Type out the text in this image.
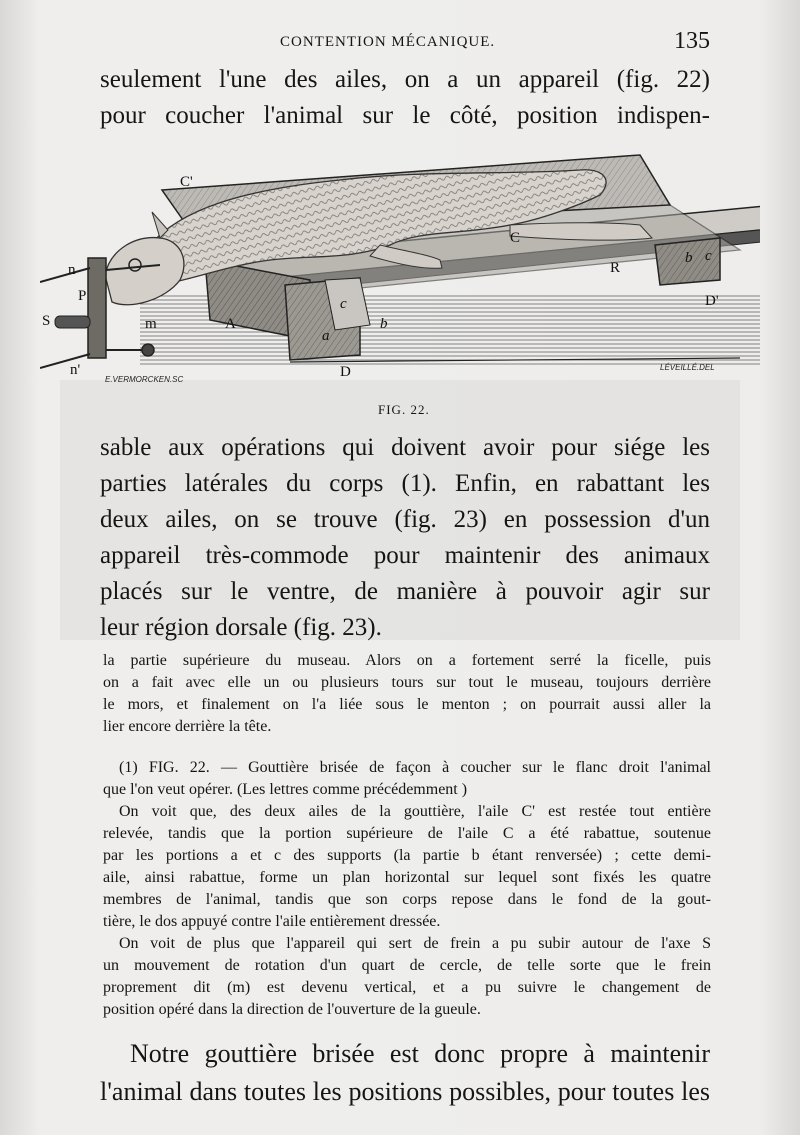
CONTENTION MÉCANIQUE.	135

seulement l'une des ailes, on a un appareil (fig. 22)
pour coucher l'animal sur le côté, position indispen-

C'
n
P
S
n'
m	A
a
b
c
C
R
b c
D
D'
E.VERMORCKEN.SC
LÉVEILLÉ.DEL
FIG. 22.

sable aux opérations qui doivent avoir pour siége les
parties latérales du corps (1). Enfin, en rabattant les
deux ailes, on se trouve (fig. 23) en possession d'un
appareil très-commode pour maintenir des animaux
placés sur le ventre, de manière à pouvoir agir sur
leur région dorsale (fig. 23).

la partie supérieure du museau. Alors on a fortement serré la ficelle, puis
on a fait avec elle un ou plusieurs tours sur tout le museau, toujours derrière
le mors, et finalement on l'a liée sous le menton ; on pourrait aussi aller la
lier encore derrière la tête.

(1) FIG. 22. — Gouttière brisée de façon à coucher sur le flanc droit l'animal
que l'on veut opérer. (Les lettres comme précédemment )
On voit que, des deux ailes de la gouttière, l'aile C' est restée tout entière
relevée, tandis que la portion supérieure de l'aile C a été rabattue, soutenue
par les portions a et c des supports (la partie b étant renversée) ; cette demi-
aile, ainsi rabattue, forme un plan horizontal sur lequel sont fixés les quatre
membres de l'animal, tandis que son corps repose dans le fond de la gout-
tière, le dos appuyé contre l'aile entièrement dressée.
On voit de plus que l'appareil qui sert de frein a pu subir autour de l'axe S
un mouvement de rotation d'un quart de cercle, de telle sorte que le frein
proprement dit (m) est devenu vertical, et a pu suivre le changement de
position opéré dans la direction de l'ouverture de la gueule.

Notre gouttière brisée est donc propre à maintenir
l'animal dans toutes les positions possibles, pour toutes les
